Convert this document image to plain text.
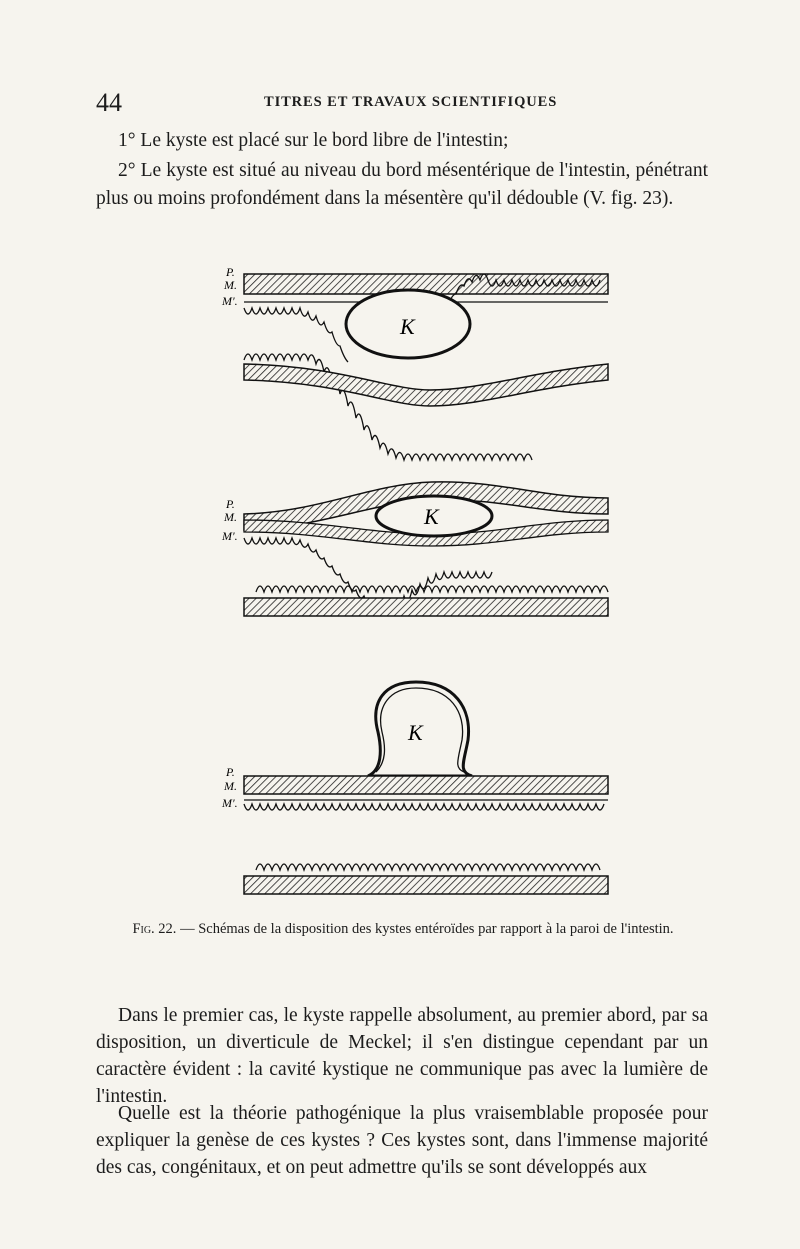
44	TITRES ET TRAVAUX SCIENTIFIQUES
1° Le kyste est placé sur le bord libre de l'intestin;
2° Le kyste est situé au niveau du bord mésentérique de l'intestin, pénétrant plus ou moins profondément dans la mésentère qu'il dédouble (V. fig. 23).
P.
M.
M'.
K
P.
M.
M'.
K
P.
M.
M'.
K
Fig. 22. — Schémas de la disposition des kystes entéroïdes par rapport à la paroi de l'intestin.
Dans le premier cas, le kyste rappelle absolument, au premier abord, par sa disposition, un diverticule de Meckel; il s'en distingue cependant par un caractère évident : la cavité kystique ne communique pas avec la lumière de l'intestin.
Quelle est la théorie pathogénique la plus vraisemblable proposée pour expliquer la genèse de ces kystes ? Ces kystes sont, dans l'immense majorité des cas, congénitaux, et on peut admettre qu'ils se sont développés aux
